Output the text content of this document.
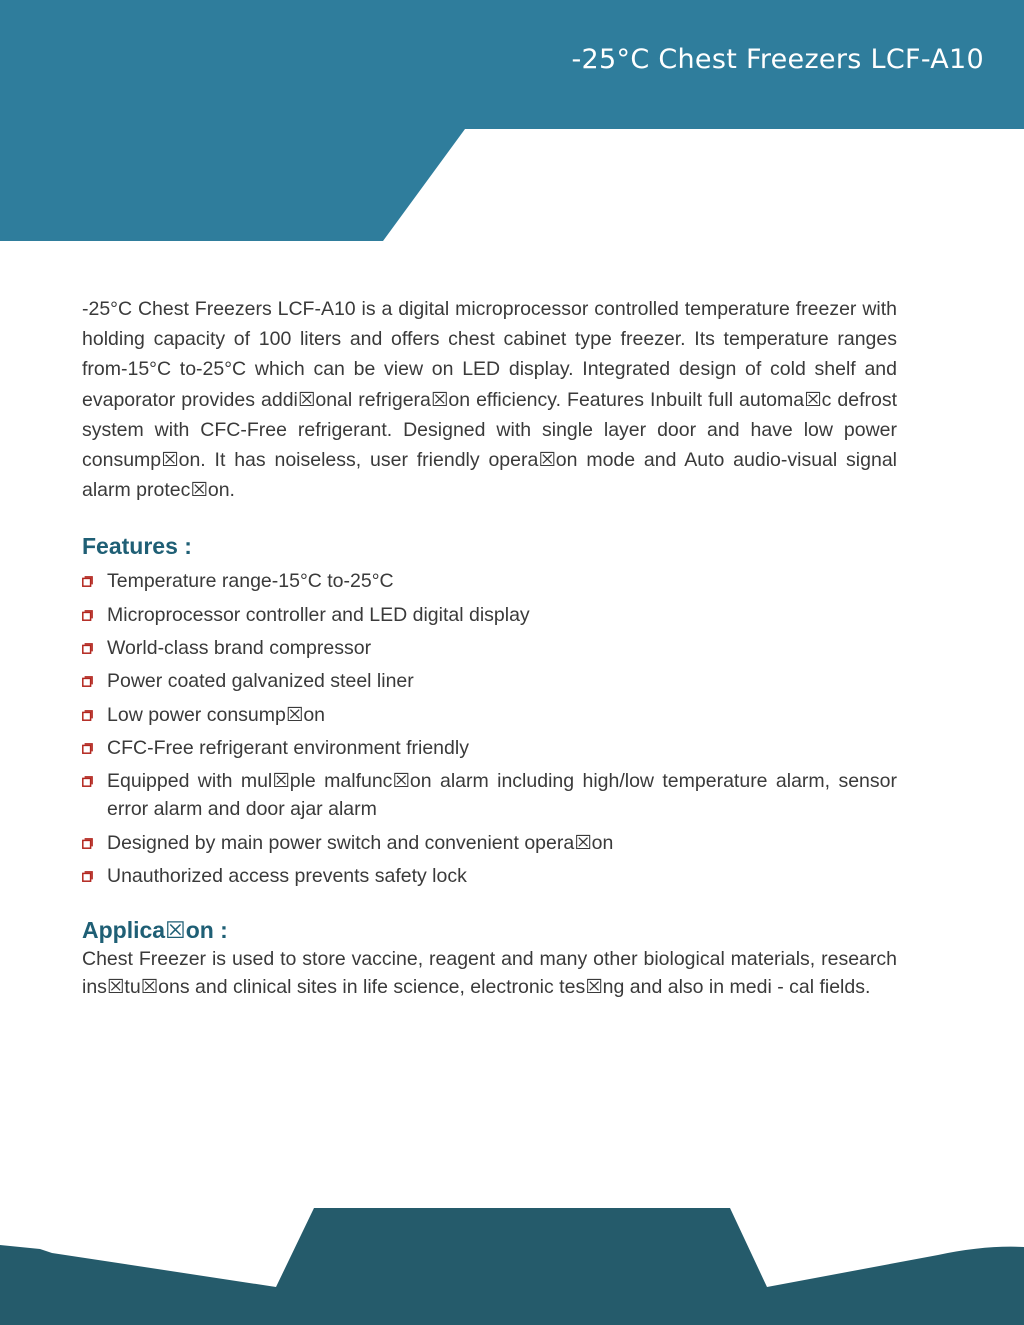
-25°C Chest Freezers LCF-A10

-25°C Chest Freezers LCF-A10 is a digital microprocessor controlled temperature freezer with holding capacity of 100 liters and offers chest cabinet type freezer. Its temperature ranges from-15°C to-25°C which can be view on LED display. Integrated design of cold shelf and evaporator provides addi☒onal refrigera☒on efficiency. Features Inbuilt full automa☒c defrost system with CFC-Free refrigerant. Designed with single layer door and have low power consump☒on. It has noiseless, user friendly opera☒on mode and Auto audio-visual signal alarm protec☒on.

Features :
Temperature range-15°C to-25°C
Microprocessor controller and LED digital display
World-class brand compressor
Power coated galvanized steel liner
Low power consump☒on
CFC-Free refrigerant environment friendly
Equipped with mul☒ple malfunc☒on alarm including high/low temperature alarm, sensor error alarm and door ajar alarm
Designed by main power switch and convenient opera☒on
Unauthorized access prevents safety lock
Applica☒on :

Chest Freezer is used to store vaccine, reagent and many other biological materials, research ins☒tu☒ons and clinical sites in life science, electronic tes☒ng and also in medi - cal fields.
